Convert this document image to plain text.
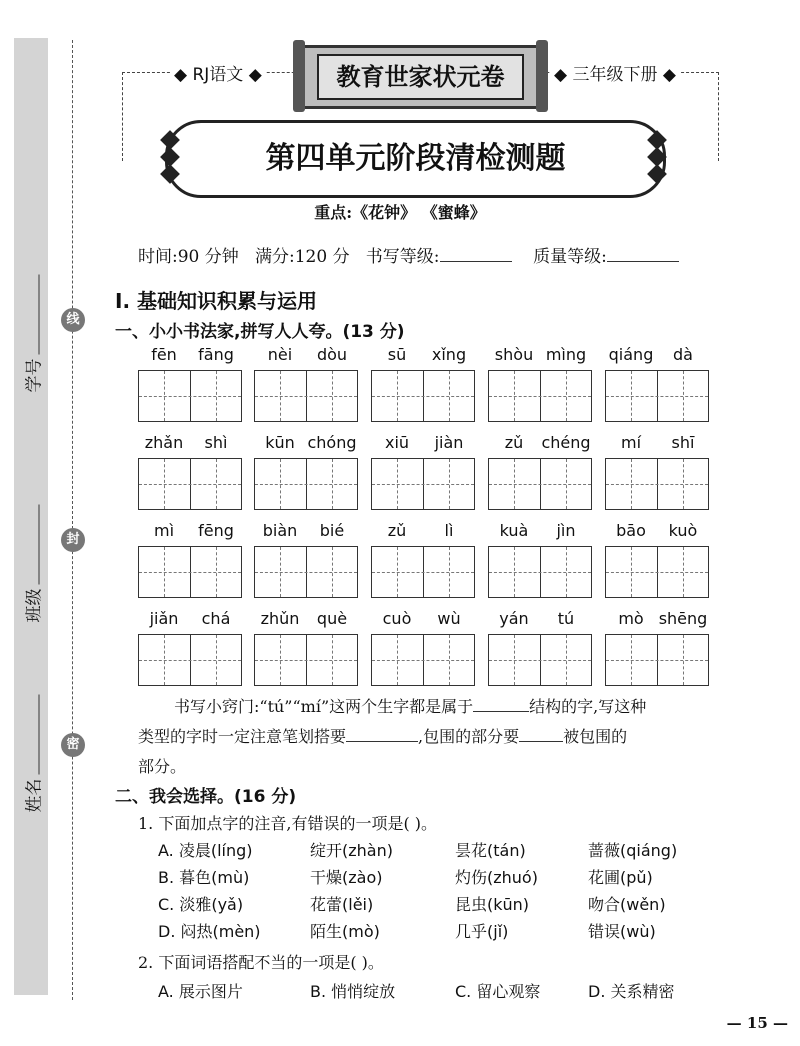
学号
班级
姓名
线
封
密
◆ RJ语文 ◆	◆ 三年级下册 ◆
教育世家状元卷
第四单元阶段清检测题
重点:《花钟》 《蜜蜂》
时间:90 分钟 满分:120 分 书写等级:	质量等级:
I. 基础知识积累与运用
一、小小书法家,拼写人人夸。(13 分)
fēn	fāng	nèi	dòu	sū	xǐng	shòu mìng	qiáng	dà
zhǎn	shì	kūn chóng	xiū	jiàn	zǔ	chéng	mí	shī
mì	fēng	biàn	bié	zǔ	lì	kuà	jìn	bāo	kuò
jiǎn	chá	zhǔn	què	cuò	wù	yán	tú	mò shēng
书写小窍门:“tú”“mí”这两个生字都是属于	结构的字,写这种
类型的字时一定注意笔划搭要	,包围的部分要	被包围的
部分。
二、我会选择。(16 分)
1. 下面加点字的注音,有错误的一项是( )。
A. 凌晨(líng)	绽开(zhàn)	昙花(tán)	蔷薇(qiáng)
B. 暮色(mù)	干燥(zào)	灼伤(zhuó)	花圃(pǔ)
C. 淡雅(yǎ)	花蕾(lěi)	昆虫(kūn)	吻合(wěn)
D. 闷热(mèn)	陌生(mò)	几乎(jǐ)	错误(wù)
2. 下面词语搭配不当的一项是( )。
A. 展示图片	B. 悄悄绽放	C. 留心观察	D. 关系精密
— 15 —
